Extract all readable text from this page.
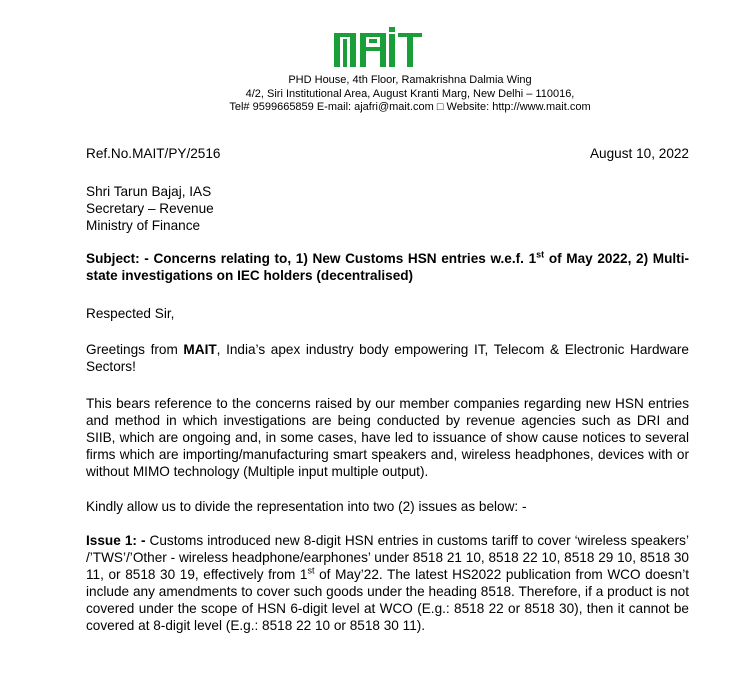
PHD House, 4th Floor, Ramakrishna Dalmia Wing
4/2, Siri Institutional Area, August Kranti Marg, New Delhi – 110016,
Tel# 9599665859 E-mail: ajafri@mait.com □ Website: http://www.mait.com
Ref.No.MAIT/PY/2516	August 10, 2022
Shri Tarun Bajaj, IAS
Secretary – Revenue
Ministry of Finance
Subject: - Concerns relating to, 1) New Customs HSN entries w.e.f. 1st of May 2022, 2) Multi-state investigations on IEC holders (decentralised)
Respected Sir,
Greetings from MAIT, India’s apex industry body empowering IT, Telecom & Electronic Hardware Sectors!
This bears reference to the concerns raised by our member companies regarding new HSN entries and method in which investigations are being conducted by revenue agencies such as DRI and SIIB, which are ongoing and, in some cases, have led to issuance of show cause notices to several firms which are importing/manufacturing smart speakers and, wireless headphones, devices with or without MIMO technology (Multiple input multiple output).
Kindly allow us to divide the representation into two (2) issues as below: -
Issue 1: - Customs introduced new 8-digit HSN entries in customs tariff to cover ‘wireless speakers’ /’TWS’/’Other - wireless headphone/earphones’ under 8518 21 10, 8518 22 10, 8518 29 10, 8518 30 11, or 8518 30 19, effectively from 1st of May’22. The latest HS2022 publication from WCO doesn’t include any amendments to cover such goods under the heading 8518. Therefore, if a product is not covered under the scope of HSN 6-digit level at WCO (E.g.: 8518 22 or 8518 30), then it cannot be covered at 8-digit level (E.g.: 8518 22 10 or 8518 30 11).
